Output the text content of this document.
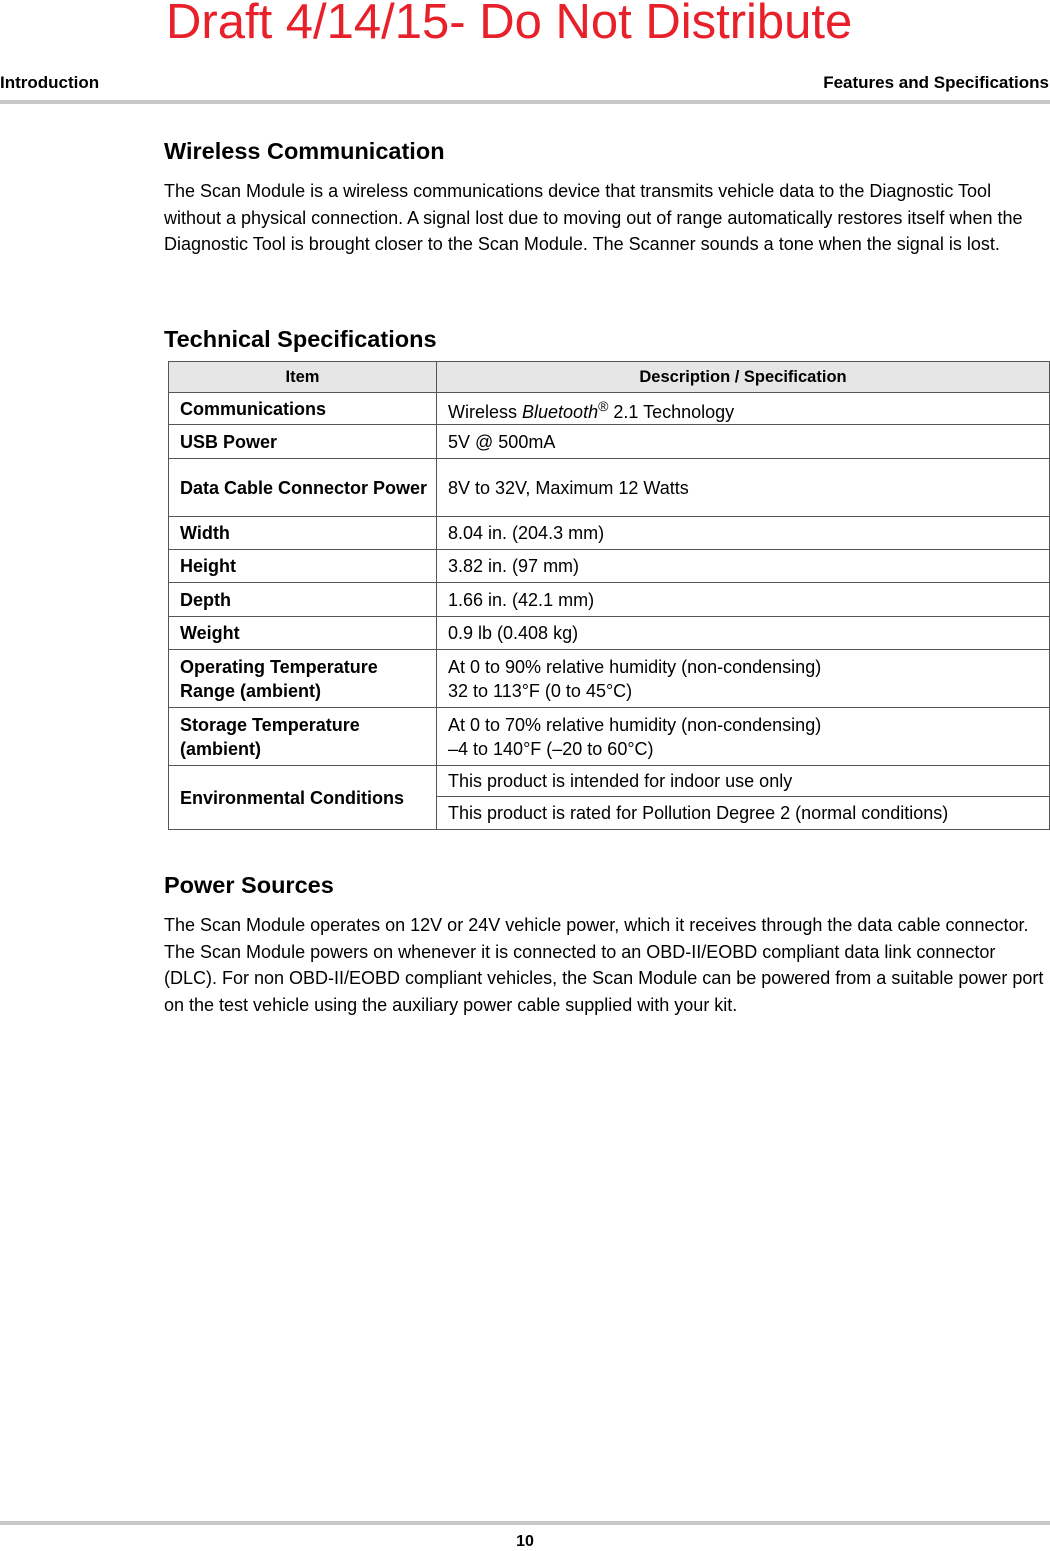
Draft 4/14/15- Do Not Distribute
Introduction	Features and Specifications
Wireless Communication

The Scan Module is a wireless communications device that transmits vehicle data to the Diagnostic Tool without a physical connection. A signal lost due to moving out of range automatically restores itself when the Diagnostic Tool is brought closer to the Scan Module. The Scanner sounds a tone when the signal is lost.

Technical Specifications
Item	Description / Specification
Communications	Wireless Bluetooth® 2.1 Technology
USB Power	5V @ 500mA
Data Cable Connector Power	8V to 32V, Maximum 12 Watts
Width	8.04 in. (204.3 mm)
Height	3.82 in. (97 mm)
Depth	1.66 in. (42.1 mm)
Weight	0.9 lb (0.408 kg)
Operating Temperature Range (ambient)	At 0 to 90% relative humidity (non-condensing)
32 to 113°F (0 to 45°C)

Storage Temperature (ambient)	At 0 to 70% relative humidity (non-condensing)
–4 to 140°F (–20 to 60°C)

Environmental Conditions	This product is intended for indoor use only
	This product is rated for Pollution Degree 2 (normal conditions)
Power Sources

The Scan Module operates on 12V or 24V vehicle power, which it receives through the data cable connector. The Scan Module powers on whenever it is connected to an OBD-II/EOBD compliant data link connector (DLC). For non OBD-II/EOBD compliant vehicles, the Scan Module can be powered from a suitable power port on the test vehicle using the auxiliary power cable supplied with your kit.

10
